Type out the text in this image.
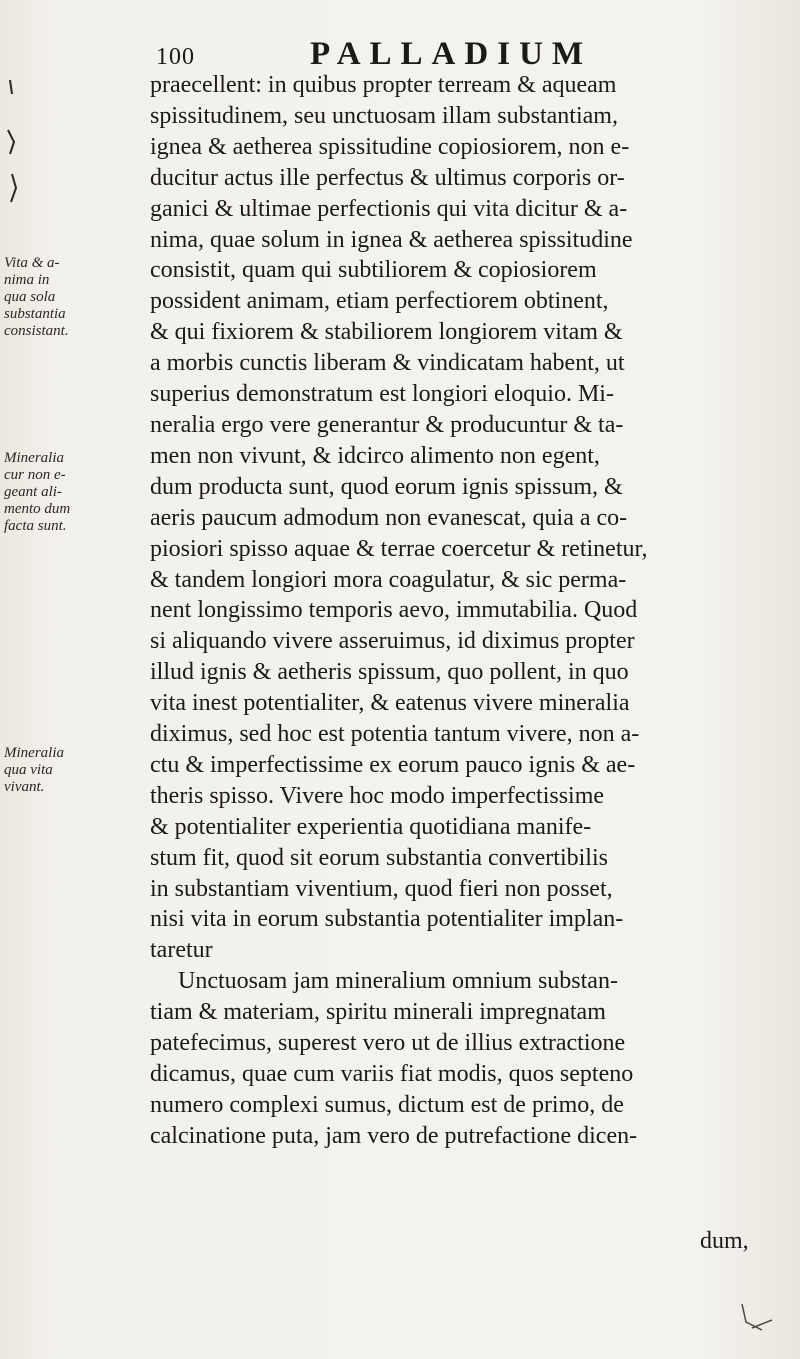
100	PALLADIUM
Vita & a-
nima in
qua sola
substantia
consistant.
Mineralia
cur non e-
geant ali-
mento dum
facta sunt.
Mineralia
qua vita
vivant.
praecellent: in quibus propter terream & aqueam
spissitudinem, seu unctuosam illam substantiam,
ignea & aetherea spissitudine copiosiorem, non e-
ducitur actus ille perfectus & ultimus corporis or-
ganici & ultimae perfectionis qui vita dicitur & a-
nima, quae solum in ignea & aetherea spissitudine
consistit, quam qui subtiliorem & copiosiorem
possident animam, etiam perfectiorem obtinent,
& qui fixiorem & stabiliorem longiorem vitam &
a morbis cunctis liberam & vindicatam habent, ut
superius demonstratum est longiori eloquio. Mi-
neralia ergo vere generantur & producuntur & ta-
men non vivunt, & idcirco alimento non egent,
dum producta sunt, quod eorum ignis spissum, &
aeris paucum admodum non evanescat, quia a co-
piosiori spisso aquae & terrae coercetur & retinetur,
& tandem longiori mora coagulatur, & sic perma-
nent longissimo temporis aevo, immutabilia. Quod
si aliquando vivere asseruimus, id diximus propter
illud ignis & aetheris spissum, quo pollent, in quo
vita inest potentialiter, & eatenus vivere mineralia
diximus, sed hoc est potentia tantum vivere, non a-
ctu & imperfectissime ex eorum pauco ignis & ae-
theris spisso. Vivere hoc modo imperfectissime
& potentialiter experientia quotidiana manife-
stum fit, quod sit eorum substantia convertibilis
in substantiam viventium, quod fieri non posset,
nisi vita in eorum substantia potentialiter implan-
taretur
Unctuosam jam mineralium omnium substan-
tiam & materiam, spiritu minerali impregnatam
patefecimus, superest vero ut de illius extractione
dicamus, quae cum variis fiat modis, quos septeno
numero complexi sumus, dictum est de primo, de
calcinatione puta, jam vero de putrefactione dicen-
dum,
